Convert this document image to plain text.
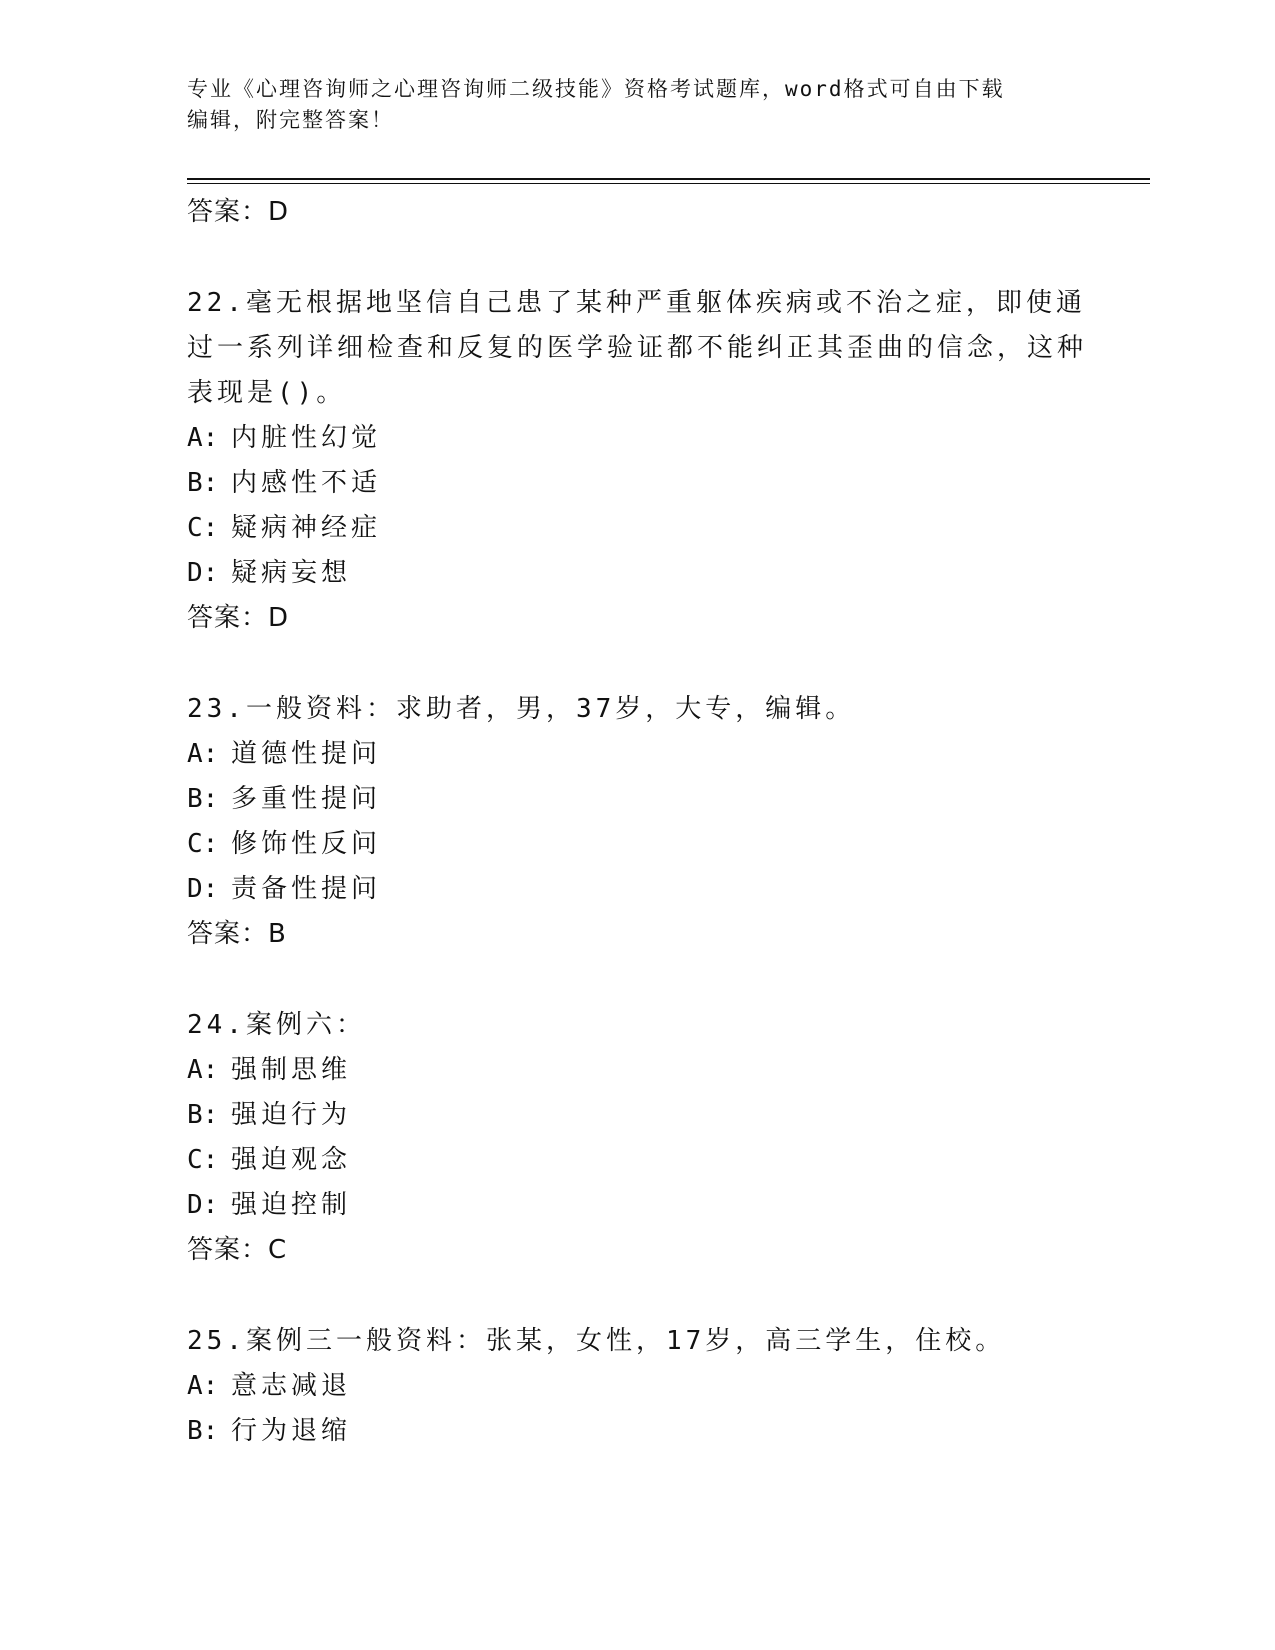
专业《心理咨询师之心理咨询师二级技能》资格考试题库，word格式可自由下载
编辑，附完整答案！
答案：D
22.毫无根据地坚信自己患了某种严重躯体疾病或不治之症，即使通过一系列详细检查和反复的医学验证都不能纠正其歪曲的信念，这种表现是()。
A: 内脏性幻觉
B: 内感性不适
C: 疑病神经症
D: 疑病妄想
答案：D
23.一般资料：求助者，男，37岁，大专，编辑。
A: 道德性提问
B: 多重性提问
C: 修饰性反问
D: 责备性提问
答案：B
24.案例六：
A: 强制思维
B: 强迫行为
C: 强迫观念
D: 强迫控制
答案：C
25.案例三一般资料：张某，女性，17岁，高三学生，住校。
A: 意志减退
B: 行为退缩
